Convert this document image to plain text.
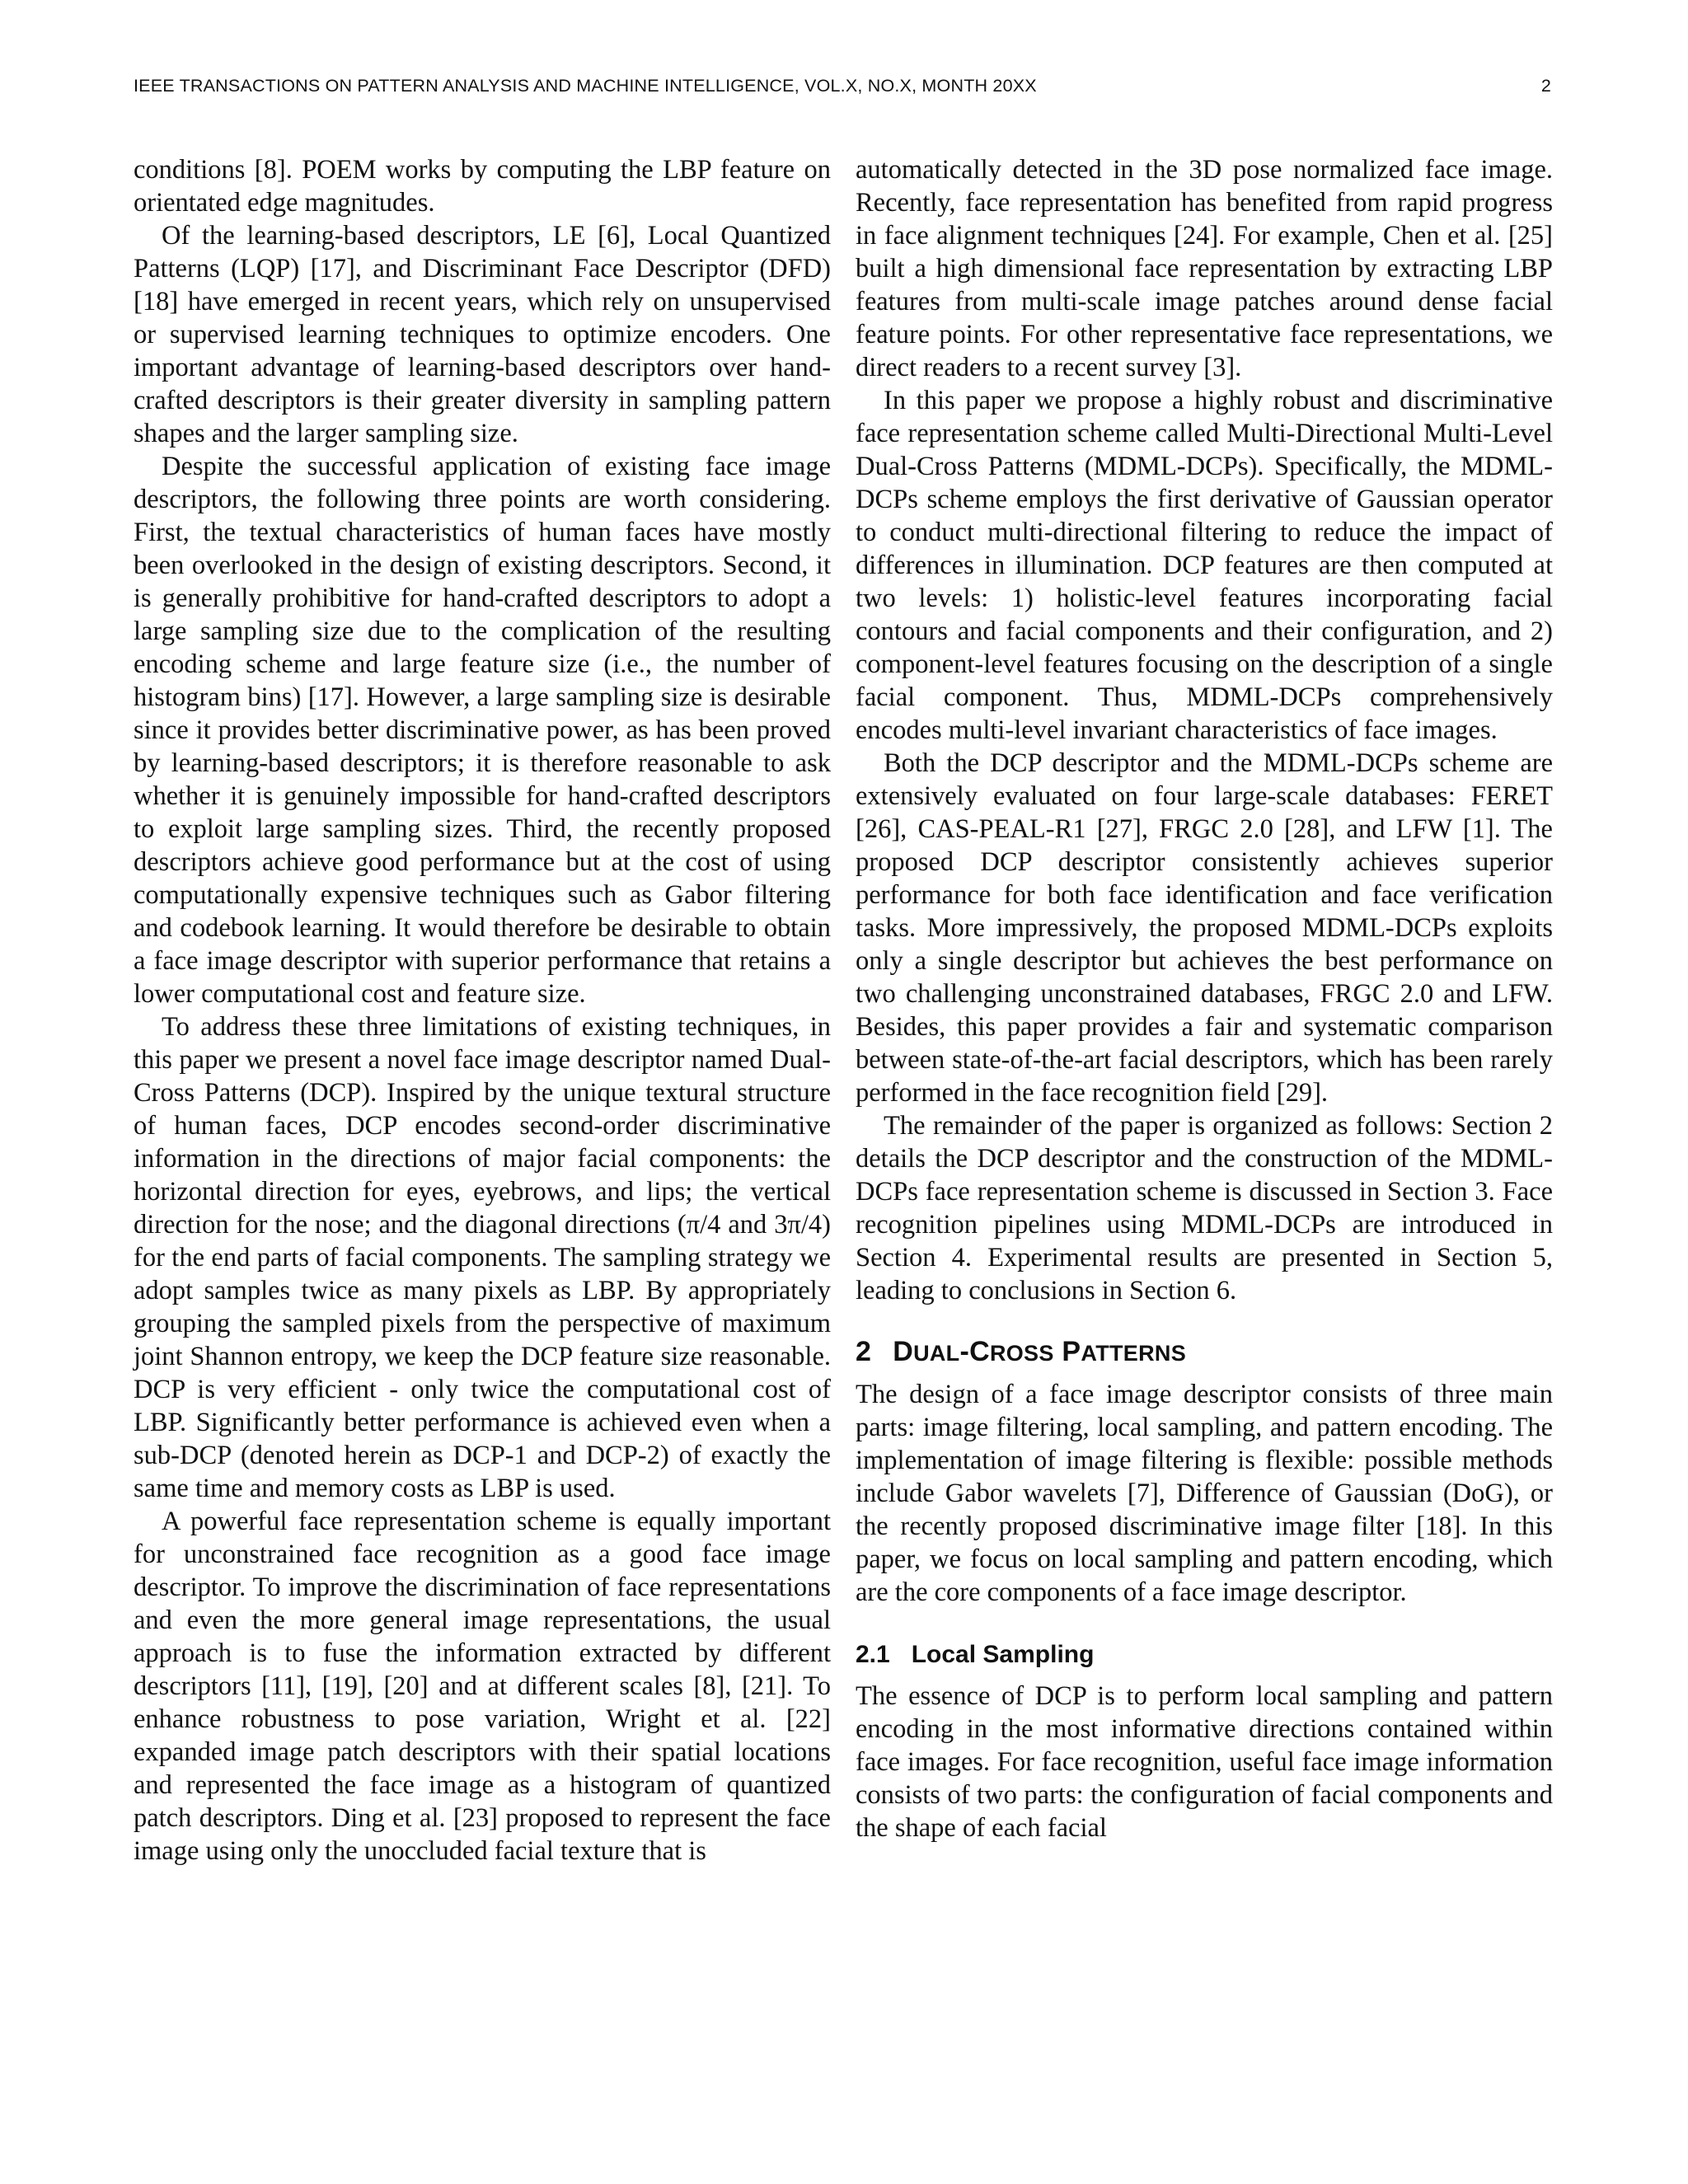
IEEE TRANSACTIONS ON PATTERN ANALYSIS AND MACHINE INTELLIGENCE, VOL.X, NO.X, MONTH 20XX	2

conditions [8]. POEM works by computing the LBP feature on orientated edge magnitudes.

Of the learning-based descriptors, LE [6], Local Quantized Patterns (LQP) [17], and Discriminant Face Descriptor (DFD) [18] have emerged in recent years, which rely on unsupervised or supervised learning techniques to optimize encoders. One important advantage of learning-based descriptors over hand-crafted descriptors is their greater diversity in sampling pattern shapes and the larger sampling size.

Despite the successful application of existing face image descriptors, the following three points are worth considering. First, the textual characteristics of human faces have mostly been overlooked in the design of existing descriptors. Second, it is generally prohibitive for hand-crafted descriptors to adopt a large sampling size due to the complication of the resulting encoding scheme and large feature size (i.e., the number of histogram bins) [17]. However, a large sampling size is desirable since it provides better discriminative power, as has been proved by learning-based descriptors; it is therefore reasonable to ask whether it is genuinely impossible for hand-crafted descriptors to exploit large sampling sizes. Third, the recently proposed descriptors achieve good performance but at the cost of using computationally expensive techniques such as Gabor filtering and codebook learning. It would therefore be desirable to obtain a face image descriptor with superior performance that retains a lower computational cost and feature size.

To address these three limitations of existing techniques, in this paper we present a novel face image descriptor named Dual-Cross Patterns (DCP). Inspired by the unique textural structure of human faces, DCP encodes second-order discriminative information in the directions of major facial components: the horizontal direction for eyes, eyebrows, and lips; the vertical direction for the nose; and the diagonal directions (π/4 and 3π/4) for the end parts of facial components. The sampling strategy we adopt samples twice as many pixels as LBP. By appropriately grouping the sampled pixels from the perspective of maximum joint Shannon entropy, we keep the DCP feature size reasonable. DCP is very efficient - only twice the computational cost of LBP. Significantly better performance is achieved even when a sub-DCP (denoted herein as DCP-1 and DCP-2) of exactly the same time and memory costs as LBP is used.

A powerful face representation scheme is equally important for unconstrained face recognition as a good face image descriptor. To improve the discrimination of face representations and even the more general image representations, the usual approach is to fuse the information extracted by different descriptors [11], [19], [20] and at different scales [8], [21]. To enhance robustness to pose variation, Wright et al. [22] expanded image patch descriptors with their spatial locations and represented the face image as a histogram of quantized patch descriptors. Ding et al. [23] proposed to represent the face image using only the unoccluded facial texture that is

automatically detected in the 3D pose normalized face image. Recently, face representation has benefited from rapid progress in face alignment techniques [24]. For example, Chen et al. [25] built a high dimensional face representation by extracting LBP features from multi-scale image patches around dense facial feature points. For other representative face representations, we direct readers to a recent survey [3].

In this paper we propose a highly robust and discriminative face representation scheme called Multi-Directional Multi-Level Dual-Cross Patterns (MDML-DCPs). Specifically, the MDML-DCPs scheme employs the first derivative of Gaussian operator to conduct multi-directional filtering to reduce the impact of differences in illumination. DCP features are then computed at two levels: 1) holistic-level features incorporating facial contours and facial components and their configuration, and 2) component-level features focusing on the description of a single facial component. Thus, MDML-DCPs comprehensively encodes multi-level invariant characteristics of face images.

Both the DCP descriptor and the MDML-DCPs scheme are extensively evaluated on four large-scale databases: FERET [26], CAS-PEAL-R1 [27], FRGC 2.0 [28], and LFW [1]. The proposed DCP descriptor consistently achieves superior performance for both face identification and face verification tasks. More impressively, the proposed MDML-DCPs exploits only a single descriptor but achieves the best performance on two challenging unconstrained databases, FRGC 2.0 and LFW. Besides, this paper provides a fair and systematic comparison between state-of-the-art facial descriptors, which has been rarely performed in the face recognition field [29].

The remainder of the paper is organized as follows: Section 2 details the DCP descriptor and the construction of the MDML-DCPs face representation scheme is discussed in Section 3. Face recognition pipelines using MDML-DCPs are introduced in Section 4. Experimental results are presented in Section 5, leading to conclusions in Section 6.

2 DUAL-CROSS PATTERNS

The design of a face image descriptor consists of three main parts: image filtering, local sampling, and pattern encoding. The implementation of image filtering is flexible: possible methods include Gabor wavelets [7], Difference of Gaussian (DoG), or the recently proposed discriminative image filter [18]. In this paper, we focus on local sampling and pattern encoding, which are the core components of a face image descriptor.

2.1 Local Sampling

The essence of DCP is to perform local sampling and pattern encoding in the most informative directions contained within face images. For face recognition, useful face image information consists of two parts: the configuration of facial components and the shape of each facial
